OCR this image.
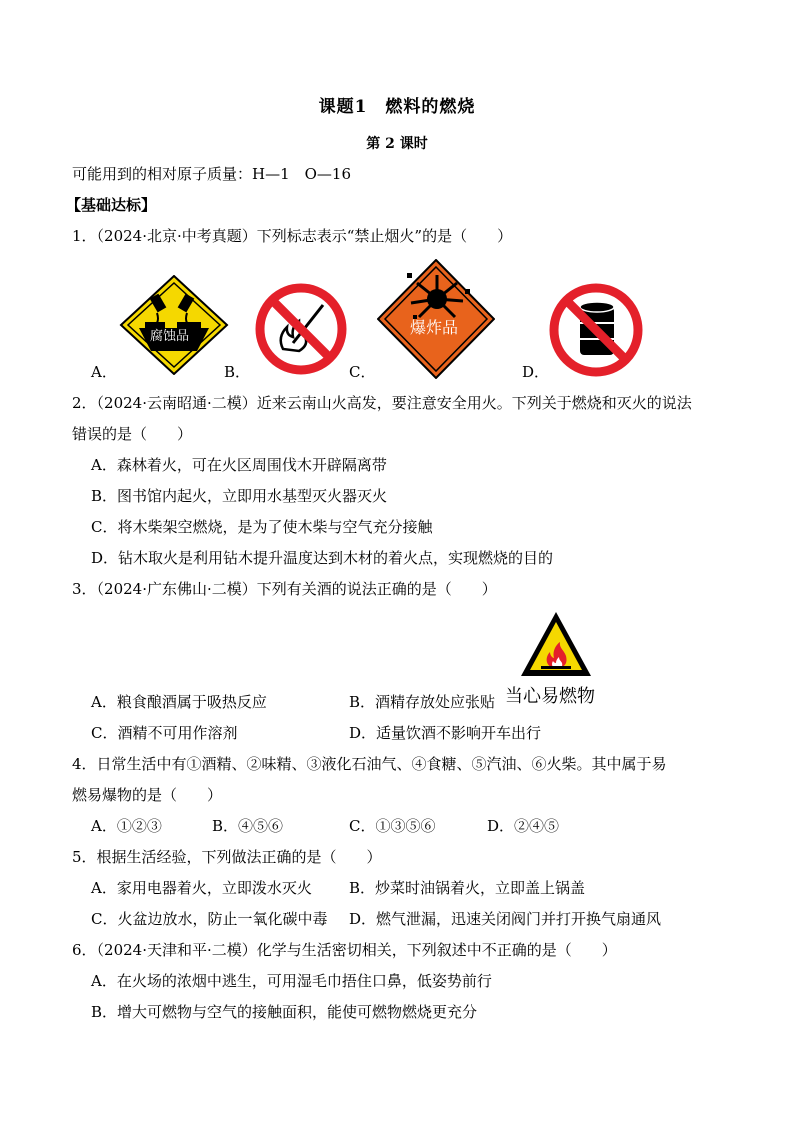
课题1　燃料的燃烧
第 2 课时
可能用到的相对原子质量：H—1　O—16
【基础达标】
1．（2024·北京·中考真题）下列标志表示“禁止烟火”的是（　　）
腐蚀品	爆炸品
A．	B．	C．	D．
2．（2024·云南昭通·二模）近来云南山火高发，要注意安全用火。下列关于燃烧和灭火的说法
错误的是（　　）
A．森林着火，可在火区周围伐木开辟隔离带
B．图书馆内起火，立即用水基型灭火器灭火
C．将木柴架空燃烧，是为了使木柴与空气充分接触
D．钻木取火是利用钻木提升温度达到木材的着火点，实现燃烧的目的
3．（2024·广东佛山·二模）下列有关酒的说法正确的是（　　）
当心易燃物
A．粮食酿酒属于吸热反应	B．酒精存放处应张贴
C．酒精不可用作溶剂	D．适量饮酒不影响开车出行
4．日常生活中有①酒精、②味精、③液化石油气、④食糖、⑤汽油、⑥火柴。其中属于易
燃易爆物的是（　　）
A．①②③	B．④⑤⑥	C．①③⑤⑥	D．②④⑤
5．根据生活经验，下列做法正确的是（　　）
A．家用电器着火，立即泼水灭火 B．炒菜时油锅着火，立即盖上锅盖
C．火盆边放水，防止一氧化碳中毒 D．燃气泄漏，迅速关闭阀门并打开换气扇通风
6．（2024·天津和平·二模）化学与生活密切相关，下列叙述中不正确的是（　　）
A．在火场的浓烟中逃生，可用湿毛巾捂住口鼻，低姿势前行
B．增大可燃物与空气的接触面积，能使可燃物燃烧更充分
